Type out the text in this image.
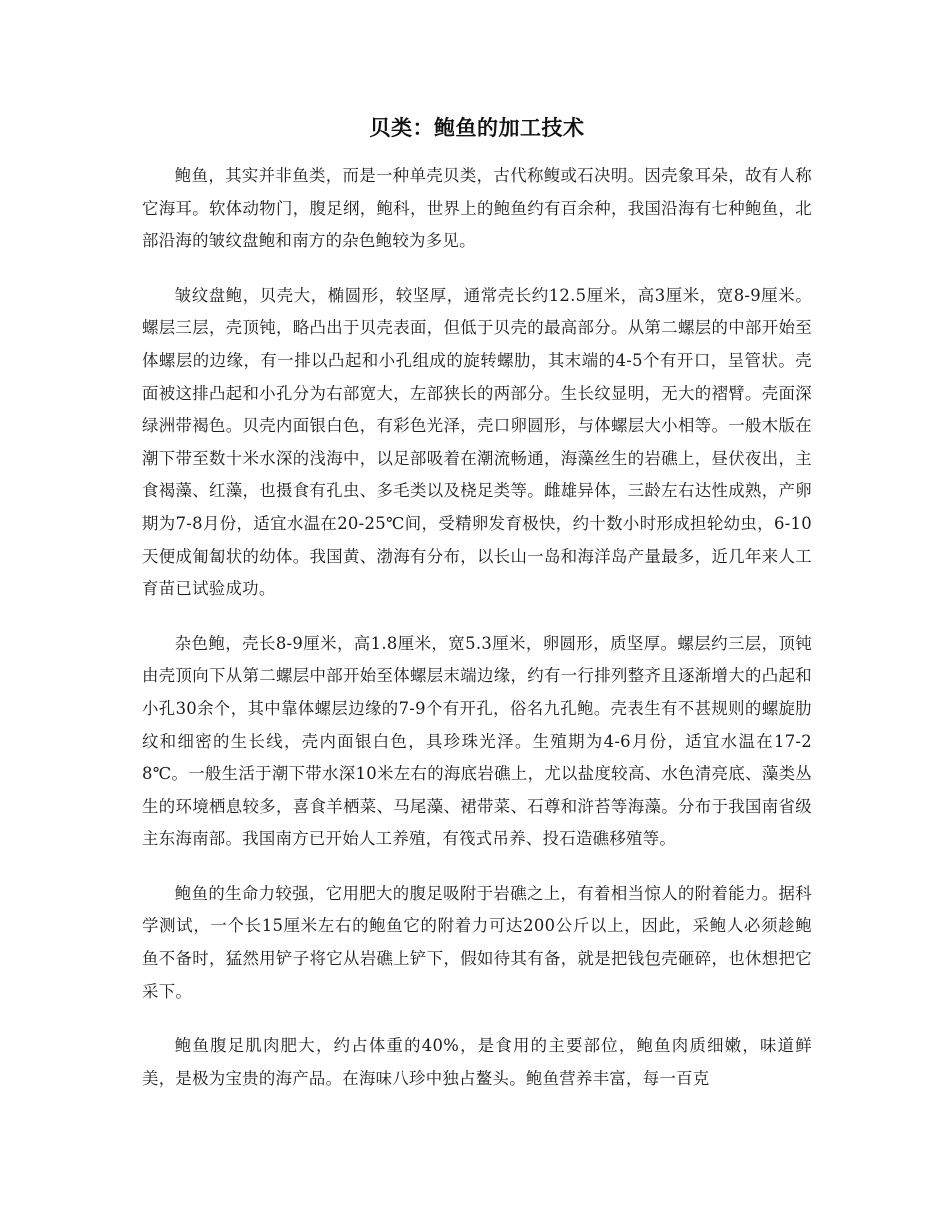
贝类：鲍鱼的加工技术

鲍鱼，其实并非鱼类，而是一种单壳贝类，古代称鳆或石决明。因壳象耳朵，故有人称它海耳。软体动物门，腹足纲，鲍科，世界上的鲍鱼约有百余种，我国沿海有七种鲍鱼，北部沿海的皱纹盘鲍和南方的杂色鲍较为多见。

皱纹盘鲍，贝壳大，椭圆形，较坚厚，通常壳长约12.5厘米，高3厘米，宽8-9厘米。螺层三层，壳顶钝，略凸出于贝壳表面，但低于贝壳的最高部分。从第二螺层的中部开始至体螺层的边缘，有一排以凸起和小孔组成的旋转螺肋，其末端的4-5个有开口，呈管状。壳面被这排凸起和小孔分为右部宽大，左部狭长的两部分。生长纹显明，无大的褶臂。壳面深绿洲带褐色。贝壳内面银白色，有彩色光泽，壳口卵圆形，与体螺层大小相等。一般木版在潮下带至数十米水深的浅海中，以足部吸着在潮流畅通，海藻丝生的岩礁上，昼伏夜出，主食褐藻、红藻，也摄食有孔虫、多毛类以及桡足类等。雌雄异体，三龄左右达性成熟，产卵期为7-8月份，适宜水温在20-25℃间，受精卵发育极快，约十数小时形成担轮幼虫，6-10天便成匍匐状的幼体。我国黄、渤海有分布，以长山一岛和海洋岛产量最多，近几年来人工育苗已试验成功。

杂色鲍，壳长8-9厘米，高1.8厘米，宽5.3厘米，卵圆形，质坚厚。螺层约三层，顶钝由壳顶向下从第二螺层中部开始至体螺层末端边缘，约有一行排列整齐且逐渐增大的凸起和小孔30余个，其中靠体螺层边缘的7-9个有开孔，俗名九孔鲍。壳表生有不甚规则的螺旋肋纹和细密的生长线，壳内面银白色，具珍珠光泽。生殖期为4-6月份，适宜水温在17-28℃。一般生活于潮下带水深10米左右的海底岩礁上，尤以盐度较高、水色清亮底、藻类丛生的环境栖息较多，喜食羊栖菜、马尾藻、裙带菜、石尊和浒苔等海藻。分布于我国南省级主东海南部。我国南方已开始人工养殖，有筏式吊养、投石造礁移殖等。

鲍鱼的生命力较强，它用肥大的腹足吸附于岩礁之上，有着相当惊人的附着能力。据科学测试，一个长15厘米左右的鲍鱼它的附着力可达200公斤以上，因此，采鲍人必须趁鲍鱼不备时，猛然用铲子将它从岩礁上铲下，假如待其有备，就是把钱包壳砸碎，也休想把它采下。

鲍鱼腹足肌肉肥大，约占体重的40%，是食用的主要部位，鲍鱼肉质细嫩，味道鲜美，是极为宝贵的海产品。在海味八珍中独占鳌头。鲍鱼营养丰富，每一百克
